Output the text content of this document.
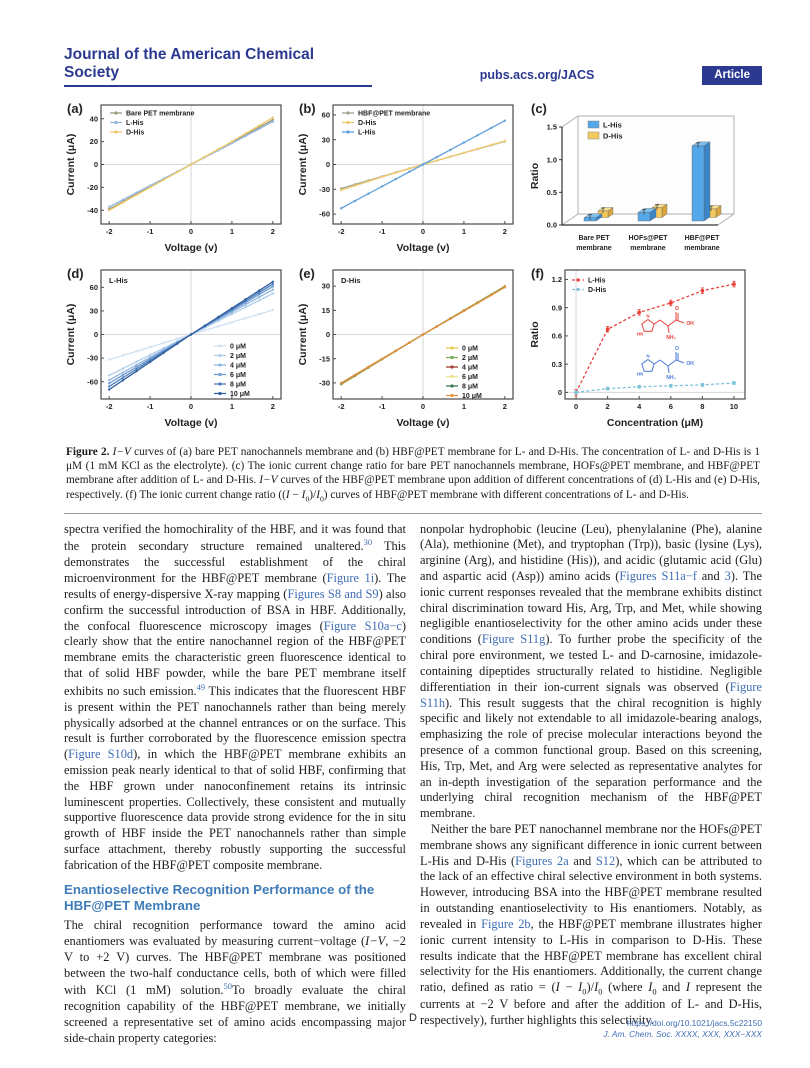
Journal of the American Chemical Society	pubs.acs.org/JACS	Article
(a)
-2	-1	0	1	2
-40
-20
0
20
40
Voltage (v)
Current (μA)
Bare PET membrane
L-His
D-His
(b)
-2	-1	0	1	2
-60
-30
0
30
60
Voltage (v)
Current (μA)
HBF@PET membrane
D-His
L-His
(c)
0.0
0.5
1.0
1.5
Ratio
Bare PET
membrane
HOFs@PET
membrane
HBF@PET
membrane
L-His
D-His
(d)
-2	-1	0	1	2
-60
-30
0
30
60
Voltage (v)
Current (μA)
L-His
0 μM
2 μM
4 μM
6 μM
8 μM
10 μM
(e)
-2	-1	0	1	2
-30
-15
0
15
30
Voltage (v)
Current (μA)
D-His
0 μM
2 μM
4 μM
6 μM
8 μM
10 μM
(f)
0	2	4	6	8	10
0
0.3
0.6
0.9
1.2
Concentration (μM)
Ratio
L-His
D-His
O
OH
NH₂
N
HN
O
OH
NH₂
N
HN

Figure 2. I−V curves of (a) bare PET nanochannels membrane and (b) HBF@PET membrane for L- and D-His. The concentration of L- and D-His is 1 μM (1 mM KCl as the electrolyte). (c) The ionic current change ratio for bare PET nanochannels membrane, HOFs@PET membrane, and HBF@PET membrane after addition of L- and D-His. I−V curves of the HBF@PET membrane upon addition of different concentrations of (d) L-His and (e) D-His, respectively. (f) The ionic current change ratio $((I - I_0)/I_0)$ curves of HBF@PET membrane with different concentrations of L- and D-His.

spectra verified the homochirality of the HBF, and it was found that the protein secondary structure remained unaltered.$^{30}$ This demonstrates the successful establishment of the chiral microenvironment for the HBF@PET membrane (Figure 1i). The results of energy-dispersive X-ray mapping (Figures S8 and S9) also confirm the successful introduction of BSA in HBF. Additionally, the confocal fluorescence microscopy images (Figure S10a−c) clearly show that the entire nanochannel region of the HBF@PET membrane emits the characteristic green fluorescence identical to that of solid HBF powder, while the bare PET membrane itself exhibits no such emission.$^{49}$ This indicates that the fluorescent HBF is present within the PET nanochannels rather than being merely physically adsorbed at the channel entrances or on the surface. This result is further corroborated by the fluorescence emission spectra (Figure S10d), in which the HBF@PET membrane exhibits an emission peak nearly identical to that of solid HBF, confirming that the HBF grown under nanoconfinement retains its intrinsic luminescent properties. Collectively, these consistent and mutually supportive fluorescence data provide strong evidence for the in situ growth of HBF inside the PET nanochannels rather than simple surface attachment, thereby robustly supporting the successful fabrication of the HBF@PET composite membrane.

Enantioselective Recognition Performance of the HBF@PET Membrane

The chiral recognition performance toward the amino acid enantiomers was evaluated by measuring current−voltage (I−V, −2 V to +2 V) curves. The HBF@PET membrane was positioned between the two-half conductance cells, both of which were filled with KCl (1 mM) solution.$^{50}$To broadly evaluate the chiral recognition capability of the HBF@PET membrane, we initially screened a representative set of amino acids encompassing major side-chain property categories:

nonpolar hydrophobic (leucine (Leu), phenylalanine (Phe), alanine (Ala), methionine (Met), and tryptophan (Trp)), basic (lysine (Lys), arginine (Arg), and histidine (His)), and acidic (glutamic acid (Glu) and aspartic acid (Asp)) amino acids (Figures S11a−f and 3). The ionic current responses revealed that the membrane exhibits distinct chiral discrimination toward His, Arg, Trp, and Met, while showing negligible enantioselectivity for the other amino acids under these conditions (Figure S11g). To further probe the specificity of the chiral pore environment, we tested L- and D-carnosine, imidazole-containing dipeptides structurally related to histidine. Negligible differentiation in their ion-current signals was observed (Figure S11h). This result suggests that the chiral recognition is highly specific and likely not extendable to all imidazole-bearing analogs, emphasizing the role of precise molecular interactions beyond the presence of a common functional group. Based on this screening, His, Trp, Met, and Arg were selected as representative analytes for an in-depth investigation of the separation performance and the underlying chiral recognition mechanism of the HBF@PET membrane.

Neither the bare PET nanochannel membrane nor the HOFs@PET membrane shows any significant difference in ionic current between L-His and D-His (Figures 2a and S12), which can be attributed to the lack of an effective chiral selective environment in both systems. However, introducing BSA into the HBF@PET membrane resulted in outstanding enantioselectivity to His enantiomers. Notably, as revealed in Figure 2b, the HBF@PET membrane illustrates higher ionic current intensity to L-His in comparison to D-His. These results indicate that the HBF@PET membrane has excellent chiral selectivity for the His enantiomers. Additionally, the current change ratio, defined as ratio = $(I - I_0)/I_0$ (where $I_0$ and I represent the currents at −2 V before and after the addition of L- and D-His, respectively), further highlights this selectivity.

D	https://doi.org/10.1021/jacs.5c22150
J. Am. Chem. Soc. XXXX, XXX, XXX−XXX
